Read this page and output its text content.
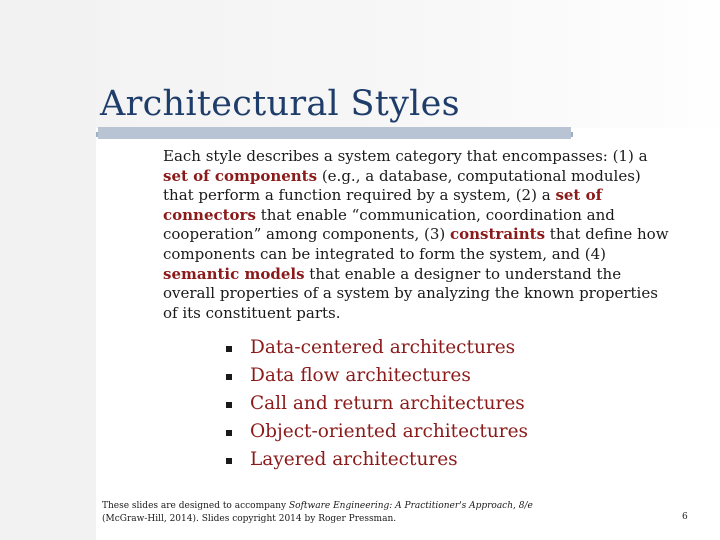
Architectural Styles
Each style describes a system category that encompasses: (1) a set of components (e.g., a database, computational modules) that perform a function required by a system, (2) a set of connectors that enable “communication, coordination and cooperation” among components, (3) constraints that define how components can be integrated to form the system, and (4) semantic models that enable a designer to understand the overall properties of a system by analyzing the known properties of its constituent parts.
Data-centered architectures
Data flow architectures
Call and return architectures
Object-oriented architectures
Layered architectures
These slides are designed to accompany Software Engineering: A Practitioner's Approach, 8/e (McGraw-Hill, 2014). Slides copyright 2014 by Roger Pressman.	6
